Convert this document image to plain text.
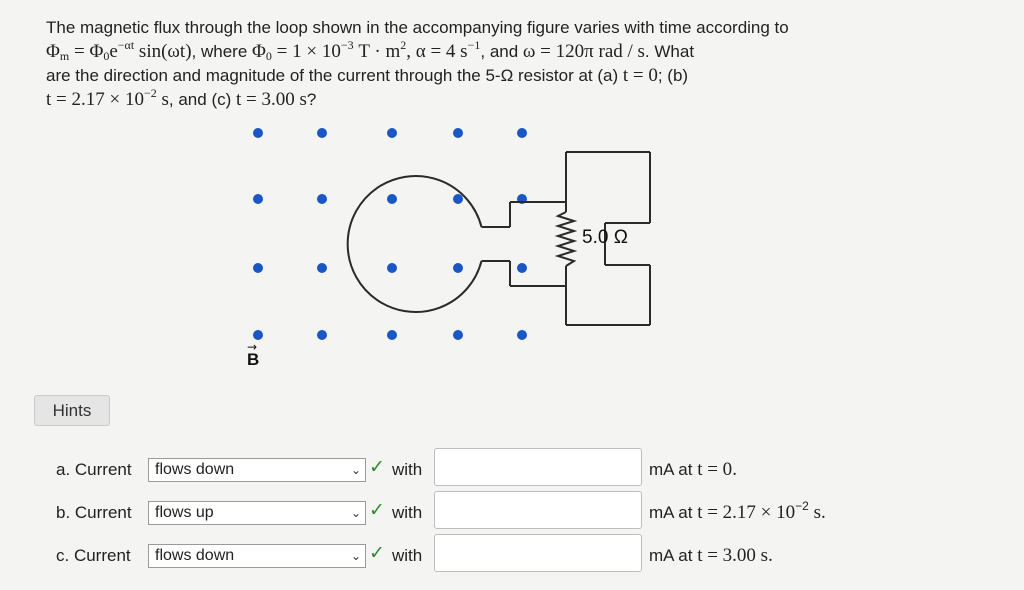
The magnetic flux through the loop shown in the accompanying figure varies with time according to
$\Phi_m = \Phi_0e^{-\alpha t}$ sin(ωt), where $\Phi_0 = 1 \times 10^{-3}$ $T \cdot m^2$, α = 4 $s^{-1}$, and ω = 120π rad / s. What
are the direction and magnitude of the current through the 5-Ω resistor at (a) t = 0; (b)
$t = 2.17 \times 10^{-2}$ s, and (c) t = 3.00 s?
5.0 Ω
B
→
Hints
a. Current	flows down	⌄ ✓ with	mA at t = 0.
b. Current	flows up	⌄ ✓ with	mA at $t = 2.17 \times 10^{-2}$ s.
c. Current	flows down	⌄ ✓ with	mA at t = 3.00 s.
